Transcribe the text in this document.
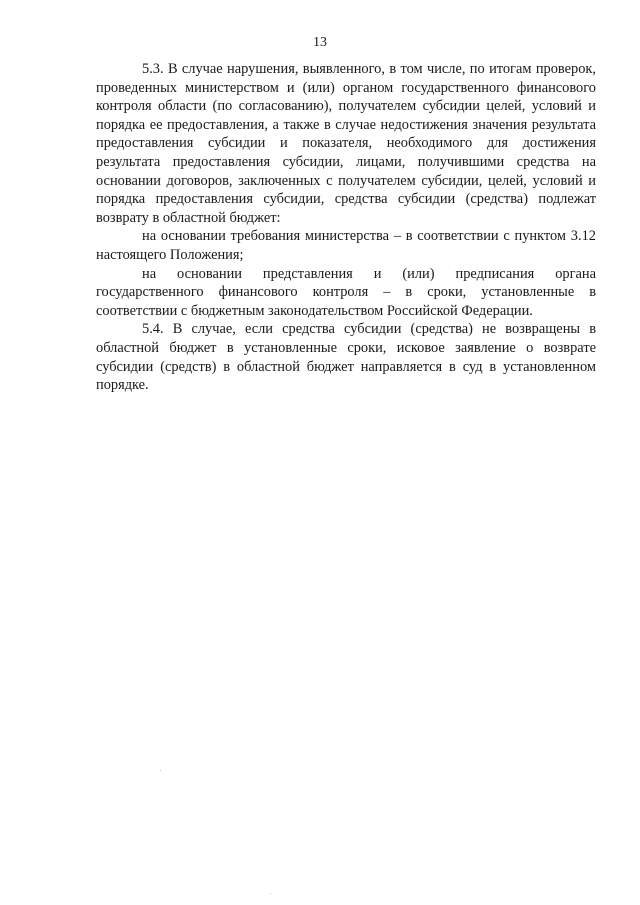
13

5.3. В случае нарушения, выявленного, в том числе, по итогам проверок, проведенных министерством и (или) органом государственного финансового контроля области (по согласованию), получателем субсидии целей, условий и порядка ее предоставления, а также в случае недостижения значения результата предоставления субсидии и показателя, необходимого для достижения результата предоставления субсидии, лицами, получившими средства на основании договоров, заключенных с получателем субсидии, целей, условий и порядка предоставления субсидии, средства субсидии (средства) подлежат возврату в областной бюджет:

на основании требования министерства – в соответствии с пунктом 3.12 настоящего Положения;

на основании представления и (или) предписания органа государственного финансового контроля – в сроки, установленные в соответствии с бюджетным законодательством Российской Федерации.

5.4. В случае, если средства субсидии (средства) не возвращены в областной бюджет в установленные сроки, исковое заявление о возврате субсидии (средств) в областной бюджет направляется в суд в установленном порядке.
